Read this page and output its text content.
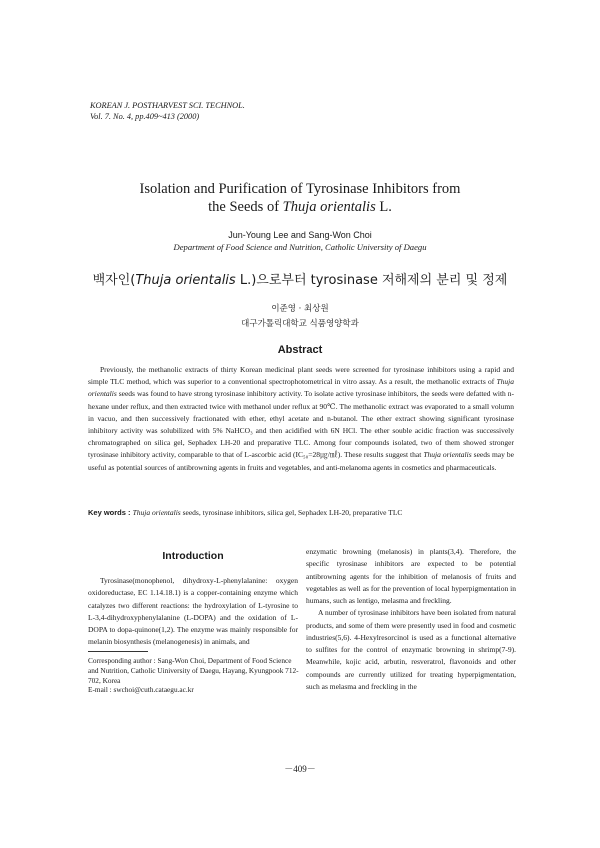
KOREAN J. POSTHARVEST SCI. TECHNOL.
Vol. 7. No. 4, pp.409~413 (2000)
Isolation and Purification of Tyrosinase Inhibitors from
the Seeds of Thuja orientalis L.
Jun-Young Lee and Sang-Won Choi
Department of Food Science and Nutrition, Catholic University of Daegu
백자인(Thuja orientalis L.)으로부터 tyrosinase 저해제의 분리 및 정제
이준영 · 최상원
대구가톨릭대학교 식품영양학과
Abstract

Previously, the methanolic extracts of thirty Korean medicinal plant seeds were screened for tyrosinase inhibitors using a rapid and simple TLC method, which was superior to a conventional spectrophotometrical in vitro assay. As a result, the methanolic extracts of Thuja orientalis seeds was found to have strong tyrosinase inhibitory activity. To isolate active tyrosinase inhibitors, the seeds were defatted with n-hexane under reflux, and then extracted twice with methanol under reflux at 90℃. The methanolic extract was evaporated to a small volumn in vacuo, and then successively fractionated with ether, ethyl acetate and n-butanol. The ether extract showing significant tyrosinase inhibitory activity was solubilized with 5% NaHCO₃ and then acidified with 6N HCl. The ether souble acidic fraction was successively chromatographed on silica gel, Sephadex LH-20 and preparative TLC. Among four compounds isolated, two of them showed stronger tyrosinase inhibitory activity, comparable to that of L-ascorbic acid (IC₅₀=28㎍/㎖). These results suggest that Thuja orientalis seeds may be useful as potential sources of antibrowning agents in fruits and vegetables, and anti-melanoma agents in cosmetics and pharmaceuticals.

Key words : Thuja orientalis seeds, tyrosinase inhibitors, silica gel, Sephadex LH-20, preparative TLC
Introduction

Tyrosinase(monophenol, dihydroxy-L-phenylalanine: oxygen oxidoreductase, EC 1.14.18.1) is a copper-containing enzyme which catalyzes two different reactions: the hydroxylation of L-tyrosine to L-3,4-dihydroxyphenylalanine (L-DOPA) and the oxidation of L-DOPA to dopa-quinone(1,2). The enzyme was mainly responsible for melanin biosynthesis (melanogenesis) in animals, and

Corresponding author : Sang-Won Choi, Department of Food Science and Nutrition, Catholic Uiniversity of Daegu, Hayang, Kyungpook 712-702, Korea
E-mail : swchoi@cuth.cataegu.ac.kr

enzymatic browning (melanosis) in plants(3,4). Therefore, the specific tyrosinase inhibitors are expected to be potential antibrowning agents for the inhibition of melanosis of fruits and vegetables as well as for the prevention of local hyperpigmentation in humans, such as lentigo, melasma and freckling.

A number of tyrosinase inhibitors have been isolated from natural products, and some of them were presently used in food and cosmetic industries(5,6). 4-Hexylresorcinol is used as a functional alternative to sulfites for the control of enzymatic browning in shrimp(7-9). Meanwhile, kojic acid, arbutin, resveratrol, flavonoids and other compounds are currently utilized for treating hyperpigmentation, such as melasma and freckling in the

－409－
